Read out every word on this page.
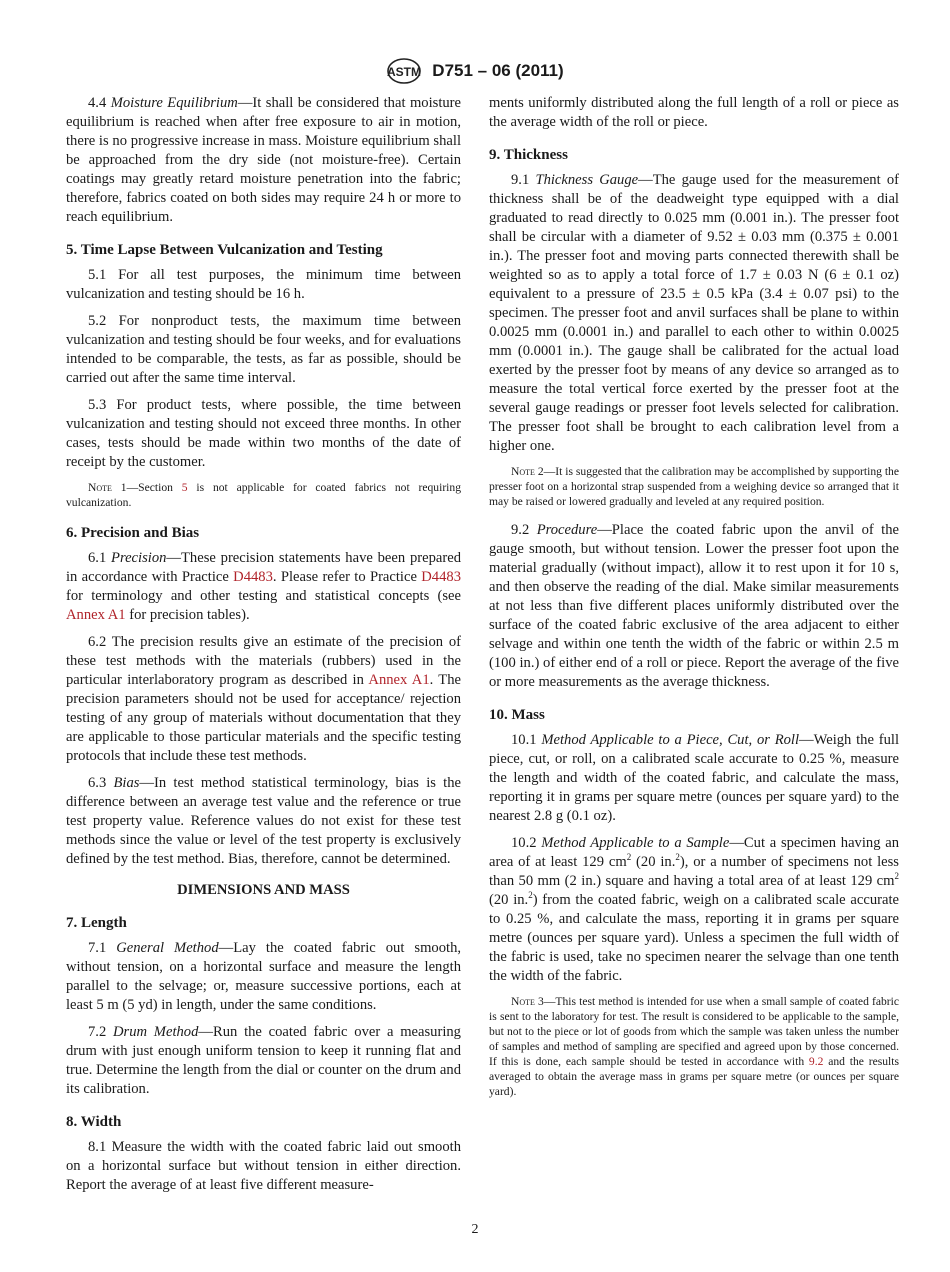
ASTM D751 – 06 (2011)
4.4 Moisture Equilibrium—It shall be considered that moisture equilibrium is reached when after free exposure to air in motion, there is no progressive increase in mass. Moisture equilibrium shall be approached from the dry side (not moisture-free). Certain coatings may greatly retard moisture penetration into the fabric; therefore, fabrics coated on both sides may require 24 h or more to reach equilibrium.
5. Time Lapse Between Vulcanization and Testing
5.1 For all test purposes, the minimum time between vulcanization and testing should be 16 h.
5.2 For nonproduct tests, the maximum time between vulcanization and testing should be four weeks, and for evaluations intended to be comparable, the tests, as far as possible, should be carried out after the same time interval.
5.3 For product tests, where possible, the time between vulcanization and testing should not exceed three months. In other cases, tests should be made within two months of the date of receipt by the customer.
Note 1—Section 5 is not applicable for coated fabrics not requiring vulcanization.
6. Precision and Bias
6.1 Precision—These precision statements have been prepared in accordance with Practice D4483. Please refer to Practice D4483 for terminology and other testing and statistical concepts (see Annex A1 for precision tables).
6.2 The precision results give an estimate of the precision of these test methods with the materials (rubbers) used in the particular interlaboratory program as described in Annex A1. The precision parameters should not be used for acceptance/ rejection testing of any group of materials without documentation that they are applicable to those particular materials and the specific testing protocols that include these test methods.
6.3 Bias—In test method statistical terminology, bias is the difference between an average test value and the reference or true test property value. Reference values do not exist for these test methods since the value or level of the test property is exclusively defined by the test method. Bias, therefore, cannot be determined.
DIMENSIONS AND MASS
7. Length
7.1 General Method—Lay the coated fabric out smooth, without tension, on a horizontal surface and measure the length parallel to the selvage; or, measure successive portions, each at least 5 m (5 yd) in length, under the same conditions.
7.2 Drum Method—Run the coated fabric over a measuring drum with just enough uniform tension to keep it running flat and true. Determine the length from the dial or counter on the drum and its calibration.
8. Width
8.1 Measure the width with the coated fabric laid out smooth on a horizontal surface but without tension in either direction. Report the average of at least five different measure-
ments uniformly distributed along the full length of a roll or piece as the average width of the roll or piece.
9. Thickness
9.1 Thickness Gauge—The gauge used for the measurement of thickness shall be of the deadweight type equipped with a dial graduated to read directly to 0.025 mm (0.001 in.). The presser foot shall be circular with a diameter of 9.52 ± 0.03 mm (0.375 ± 0.001 in.). The presser foot and moving parts connected therewith shall be weighted so as to apply a total force of 1.7 ± 0.03 N (6 ± 0.1 oz) equivalent to a pressure of 23.5 ± 0.5 kPa (3.4 ± 0.07 psi) to the specimen. The presser foot and anvil surfaces shall be plane to within 0.0025 mm (0.0001 in.) and parallel to each other to within 0.0025 mm (0.0001 in.). The gauge shall be calibrated for the actual load exerted by the presser foot by means of any device so arranged as to measure the total vertical force exerted by the presser foot at the several gauge readings or presser foot levels selected for calibration. The presser foot shall be brought to each calibration level from a higher one.
Note 2—It is suggested that the calibration may be accomplished by supporting the presser foot on a horizontal strap suspended from a weighing device so arranged that it may be raised or lowered gradually and leveled at any required position.
9.2 Procedure—Place the coated fabric upon the anvil of the gauge smooth, but without tension. Lower the presser foot upon the material gradually (without impact), allow it to rest upon it for 10 s, and then observe the reading of the dial. Make similar measurements at not less than five different places uniformly distributed over the surface of the coated fabric exclusive of the area adjacent to either selvage and within one tenth the width of the fabric or within 2.5 m (100 in.) of either end of a roll or piece. Report the average of the five or more measurements as the average thickness.
10. Mass
10.1 Method Applicable to a Piece, Cut, or Roll—Weigh the full piece, cut, or roll, on a calibrated scale accurate to 0.25 %, measure the length and width of the coated fabric, and calculate the mass, reporting it in grams per square metre (ounces per square yard) to the nearest 2.8 g (0.1 oz).
10.2 Method Applicable to a Sample—Cut a specimen having an area of at least 129 $cm^2$ (20 in.$^2$), or a number of specimens not less than 50 mm (2 in.) square and having a total area of at least 129 $cm^2$ (20 in.$^2$) from the coated fabric, weigh on a calibrated scale accurate to 0.25 %, and calculate the mass, reporting it in grams per square metre (ounces per square yard). Unless a specimen the full width of the fabric is used, take no specimen nearer the selvage than one tenth the width of the fabric.
Note 3—This test method is intended for use when a small sample of coated fabric is sent to the laboratory for test. The result is considered to be applicable to the sample, but not to the piece or lot of goods from which the sample was taken unless the number of samples and method of sampling are specified and agreed upon by those concerned. If this is done, each sample should be tested in accordance with 9.2 and the results averaged to obtain the average mass in grams per square metre (or ounces per square yard).
2
